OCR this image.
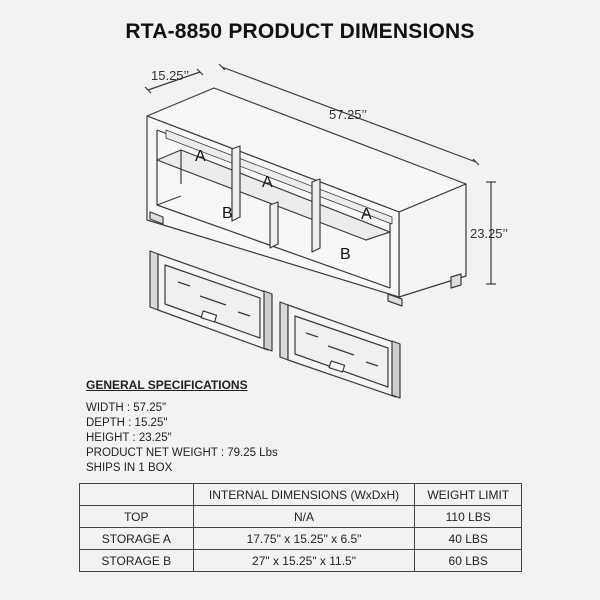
RTA-8850 PRODUCT DIMENSIONS
15.25’’
57.25’’
23.25’’
A
A
A
B
B
GENERAL SPECIFICATIONS
WIDTH : 57.25"
DEPTH : 15.25"
HEIGHT : 23.25"
PRODUCT NET WEIGHT : 79.25 Lbs
SHIPS IN 1 BOX
	INTERNAL DIMENSIONS (WxDxH)	WEIGHT LIMIT
TOP	N/A	110 LBS
STORAGE A	17.75" x 15.25" x 6.5"	40 LBS
STORAGE B	27" x 15.25" x 11.5"	60 LBS
